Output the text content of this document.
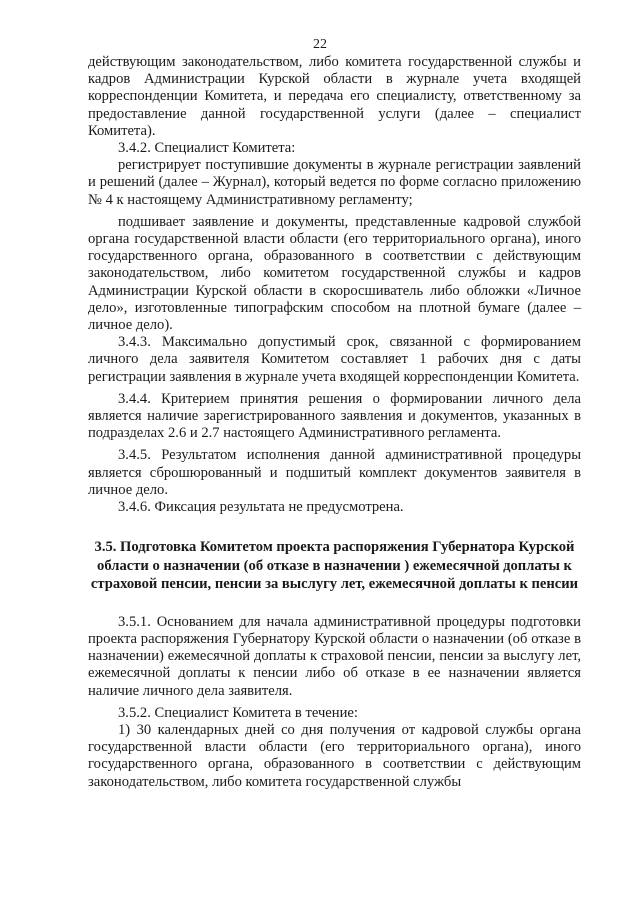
22

действующим законодательством, либо комитета государственной службы и кадров Администрации Курской области в журнале учета входящей корреспонденции Комитета, и передача его специалисту, ответственному за предоставление данной государственной услуги (далее – специалист Комитета).

3.4.2. Специалист Комитета:

регистрирует поступившие документы в журнале регистрации заявлений и решений (далее – Журнал), который ведется по форме согласно приложению № 4 к настоящему Административному регламенту;

подшивает заявление и документы, представленные кадровой службой органа государственной власти области (его территориального органа), иного государственного органа, образованного в соответствии с действующим законодательством, либо комитетом государственной службы и кадров Администрации Курской области в скоросшиватель либо обложки «Личное дело», изготовленные типографским способом на плотной бумаге (далее – личное дело).

3.4.3. Максимально допустимый срок, связанной с формированием личного дела заявителя Комитетом составляет 1 рабочих дня с даты регистрации заявления в журнале учета входящей корреспонденции Комитета.

3.4.4. Критерием принятия решения о формировании личного дела является наличие зарегистрированного заявления и документов, указанных в подразделах 2.6 и 2.7 настоящего Административного регламента.

3.4.5. Результатом исполнения данной административной процедуры является сброшюрованный и подшитый комплект документов заявителя в личное дело.

3.4.6. Фиксация результата не предусмотрена.

3.5. Подготовка Комитетом проекта распоряжения Губернатора Курской области о назначении (об отказе в назначении ) ежемесячной доплаты к страховой пенсии, пенсии за выслугу лет, ежемесячной доплаты к пенсии

3.5.1. Основанием для начала административной процедуры подготовки проекта распоряжения Губернатору Курской области о назначении (об отказе в назначении) ежемесячной доплаты к страховой пенсии, пенсии за выслугу лет, ежемесячной доплаты к пенсии либо об отказе в ее назначении является наличие личного дела заявителя.

3.5.2. Специалист Комитета в течение:

1) 30 календарных дней со дня получения от кадровой службы органа государственной власти области (его территориального органа), иного государственного органа, образованного в соответствии с действующим законодательством, либо комитета государственной службы
